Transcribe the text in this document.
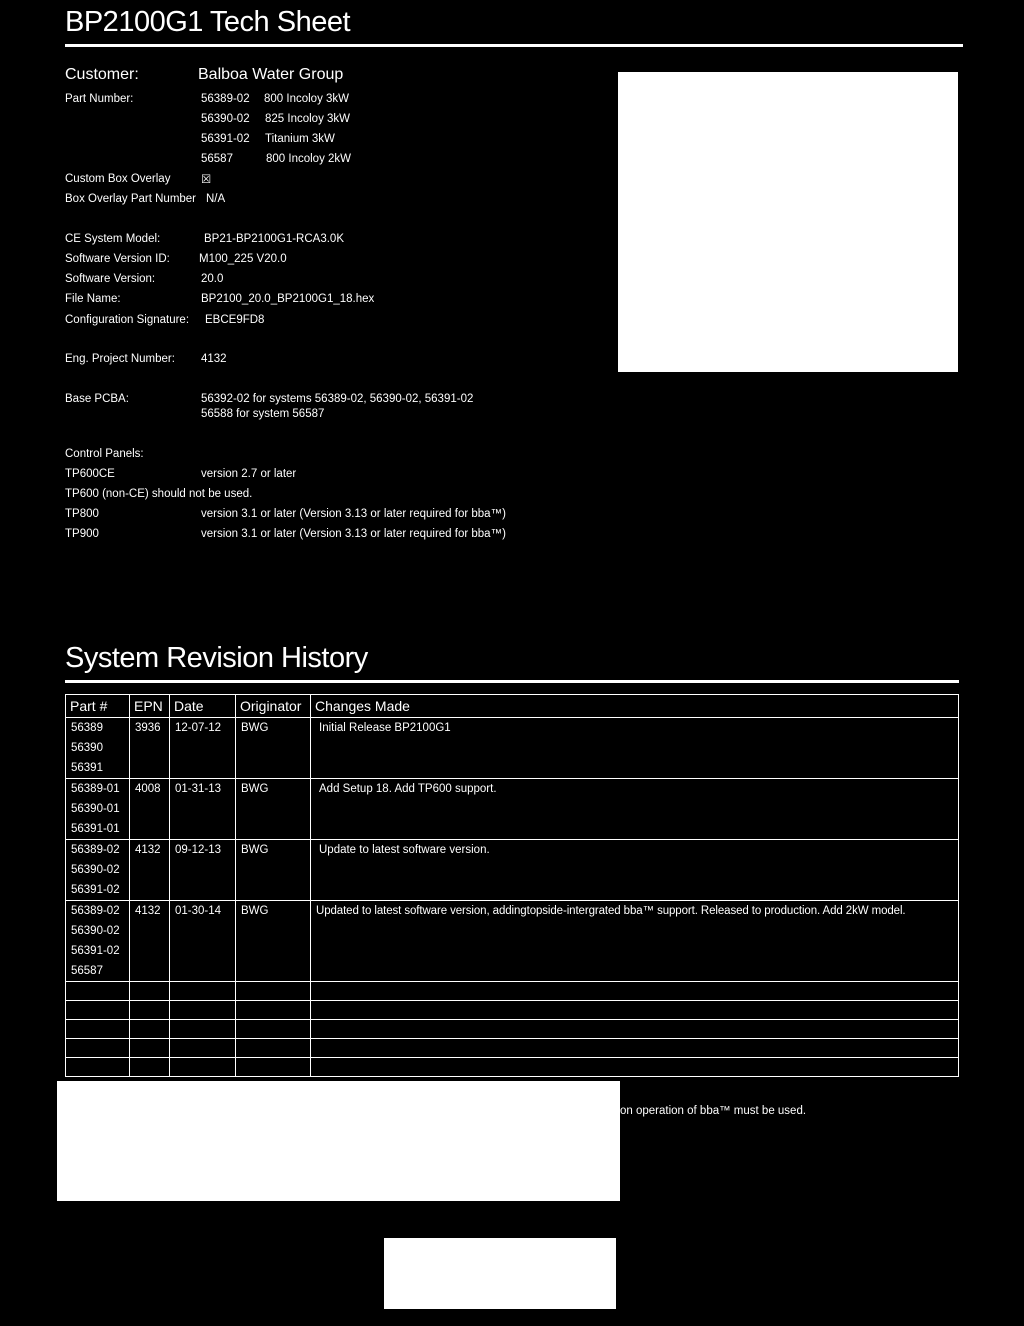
BP2100G1 Tech Sheet
Customer:	Balboa Water Group
Part Number:	56389-02 800 Incoloy 3kW
56390-02 825 Incoloy 3kW
56391-02 Titanium 3kW
56587	800 Incoloy 2kW
Custom Box Overlay	☒
Box Overlay Part Number N/A
CE System Model:	BP21-BP2100G1-RCA3.0K
Software Version ID:	M100_225 V20.0
Software Version:	20.0
File Name:	BP2100_20.0_BP2100G1_18.hex
Configuration Signature: EBCE9FD8
Eng. Project Number: 4132
Base PCBA:	56392-02 for systems 56389-02, 56390-02, 56391-02
56588 for system 56587
Control Panels:
TP600CE	version 2.7 or later
TP600 (non-CE) should not be used.
TP800	version 3.1 or later (Version 3.13 or later required for bba™)
TP900	version 3.1 or later (Version 3.13 or later required for bba™)
System Revision History
Part #	EPN	Date	Originator	Changes Made

56389
56390
56391	3936	12-07-12	BWG	Initial Release BP2100G1

56389-01
56390-01
56391-01	4008	01-31-13	BWG	Add Setup 18. Add TP600 support.

56389-02
56390-02
56391-02	4132	09-12-13	BWG	Update to latest software version.

56389-02
56390-02
56391-02
56587	4132	01-30-14	BWG	Updated to latest software version, addingtopside-intergrated bba™ support. Released to production. Add 2kW model.

on operation of bba™ must be used.
